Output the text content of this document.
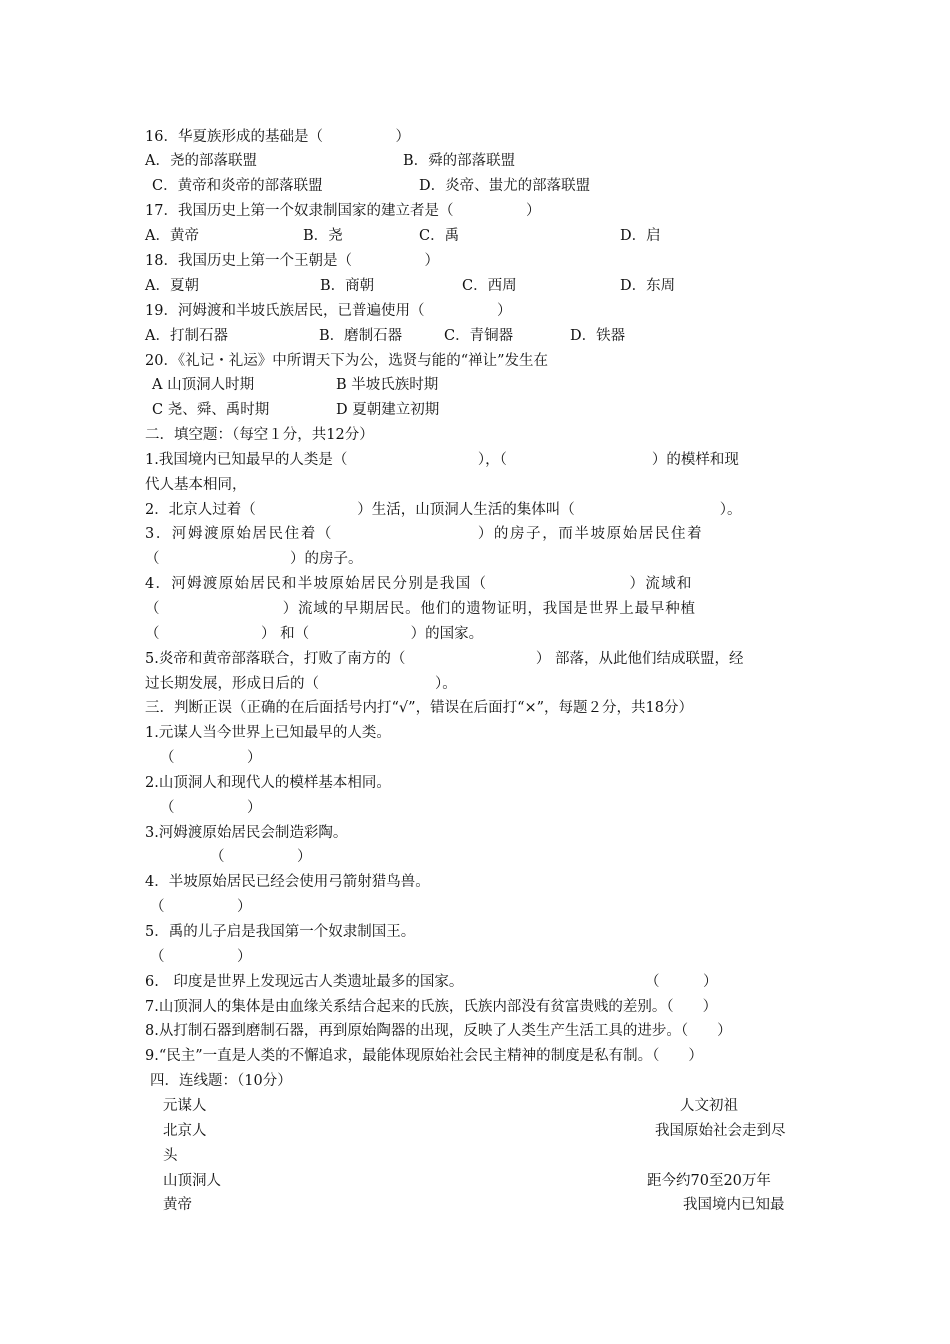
16．华夏族形成的基础是（　　　　　）
A．尧的部落联盟	B．舜的部落联盟
C．黄帝和炎帝的部落联盟	D．炎帝、蚩尤的部落联盟
17．我国历史上第一个奴隶制国家的建立者是（　　　　　）
A．黄帝	B．尧	C．禹	D．启
18．我国历史上第一个王朝是（　　　　　）
A．夏朝	B．商朝	C．西周	D．东周
19．河姆渡和半坡氏族居民，已普遍使用（　　　　　）
A．打制石器	B．磨制石器	C．青铜器	D．铁器
20．《礼记・礼运》中所谓天下为公，选贤与能的“禅让”发生在
A 山顶洞人时期	B 半坡氏族时期
C 尧、舜、禹时期	D 夏朝建立初期
二．填空题：（每空１分，共12分）
1.我国境内已知最早的人类是（　　　　　　　　　），（　　　　　　　　　　）的模样和现
代人基本相同，
2．北京人过着（　　　　　　　）生活，山顶洞人生活的集体叫（　　　　　　　　　　）。
3．河姆渡原始居民住着（　　　　　　　　　）的房子，而半坡原始居民住着
（　　　　　　　　　）的房子。
4．河姆渡原始居民和半坡原始居民分别是我国（　　　　　　　　　）流域和
（　　　　　　　　）流域的早期居民。他们的遗物证明，我国是世界上最早种植
（　　　　　　　） 和（　　　　　　　）的国家。
5.炎帝和黄帝部落联合，打败了南方的（　　　　　　　　　） 部落，从此他们结成联盟，经
过长期发展，形成日后的（　　　　　　　　）。
三．判断正误（正确的在后面括号内打“√”，错误在后面打“×”，每题２分，共18分）
1.元谋人当今世界上已知最早的人类。
（　　　　　）
2.山顶洞人和现代人的模样基本相同。
（　　　　　）
3.河姆渡原始居民会制造彩陶。
（　　　　　）
4．半坡原始居民已经会使用弓箭射猎鸟兽。
（　　　　　）
5．禹的儿子启是我国第一个奴隶制国王。
（　　　　　）
6.　印度是世界上发现远古人类遗址最多的国家。	（　　　）
7.山顶洞人的集体是由血缘关系结合起来的氏族，氏族内部没有贫富贵贱的差别。（　　）
8.从打制石器到磨制石器，再到原始陶器的出现，反映了人类生产生活工具的进步。（　　）
9.“民主”一直是人类的不懈追求，最能体现原始社会民主精神的制度是私有制。（　　）
四．连线题：（10分）
元谋人	人文初祖
北京人	我国原始社会走到尽
头
山顶洞人	距今约70至20万年
黄帝	我国境内已知最
